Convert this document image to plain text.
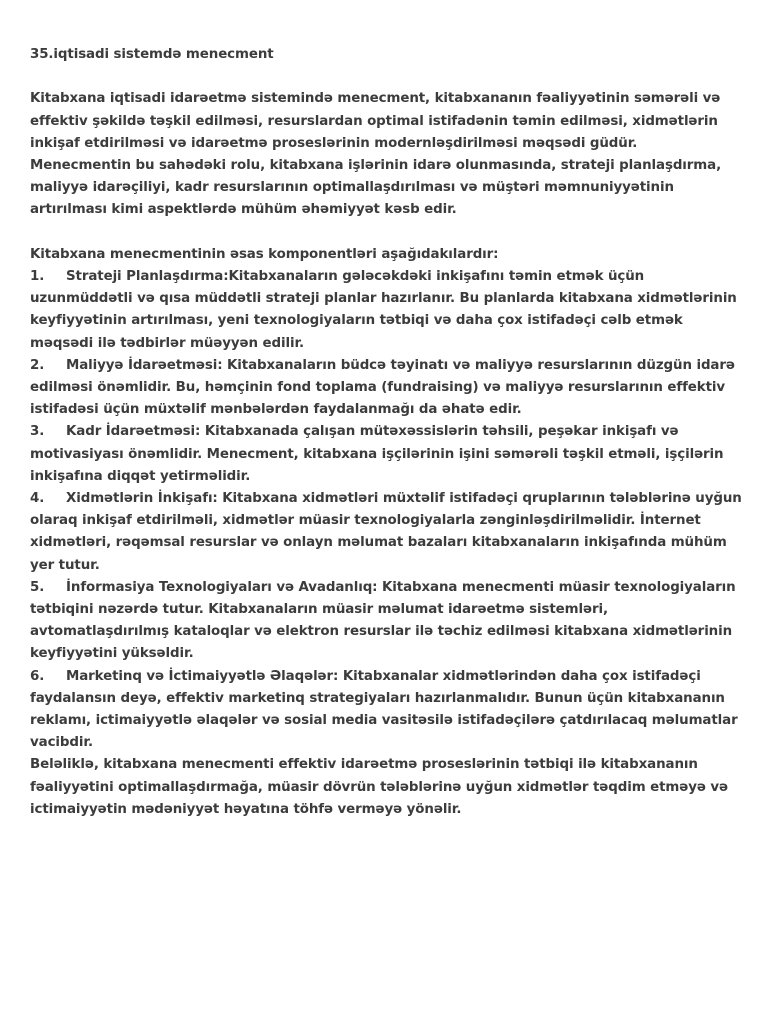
35.iqtisadi sistemdə menecment

Kitabxana iqtisadi idarəetmə sistemində menecment, kitabxananın fəaliyyətinin səmərəli və effektiv şəkildə təşkil edilməsi, resurslardan optimal istifadənin təmin edilməsi, xidmətlərin inkişaf etdirilməsi və idarəetmə proseslərinin modernləşdirilməsi məqsədi güdür. Menecmentin bu sahədəki rolu, kitabxana işlərinin idarə olunmasında, strateji planlaşdırma, maliyyə idarəçiliyi, kadr resurslarının optimallaşdırılması və müştəri məmnuniyyətinin artırılması kimi aspektlərdə mühüm əhəmiyyət kəsb edir.

Kitabxana menecmentinin əsas komponentləri aşağıdakılardır:

1. Strateji Planlaşdırma:Kitabxanaların gələcəkdəki inkişafını təmin etmək üçün uzunmüddətli və qısa müddətli strateji planlar hazırlanır. Bu planlarda kitabxana xidmətlərinin keyfiyyətinin artırılması, yeni texnologiyaların tətbiqi və daha çox istifadəçi cəlb etmək məqsədi ilə tədbirlər müəyyən edilir.

2. Maliyyə İdarəetməsi: Kitabxanaların büdcə təyinatı və maliyyə resurslarının düzgün idarə edilməsi önəmlidir. Bu, həmçinin fond toplama (fundraising) və maliyyə resurslarının effektiv istifadəsi üçün müxtəlif mənbələrdən faydalanmağı da əhatə edir.

3. Kadr İdarəetməsi: Kitabxanada çalışan mütəxəssislərin təhsili, peşəkar inkişafı və motivasiyası önəmlidir. Menecment, kitabxana işçilərinin işini səmərəli təşkil etməli, işçilərin inkişafına diqqət yetirməlidir.

4. Xidmətlərin İnkişafı: Kitabxana xidmətləri müxtəlif istifadəçi qruplarının tələblərinə uyğun olaraq inkişaf etdirilməli, xidmətlər müasir texnologiyalarla zənginləşdirilməlidir. İnternet xidmətləri, rəqəmsal resurslar və onlayn məlumat bazaları kitabxanaların inkişafında mühüm yer tutur.

5. İnformasiya Texnologiyaları və Avadanlıq: Kitabxana menecmenti müasir texnologiyaların tətbiqini nəzərdə tutur. Kitabxanaların müasir məlumat idarəetmə sistemləri, avtomatlaşdırılmış kataloqlar və elektron resurslar ilə təchiz edilməsi kitabxana xidmətlərinin keyfiyyətini yüksəldir.

6. Marketinq və İctimaiyyətlə Əlaqələr: Kitabxanalar xidmətlərindən daha çox istifadəçi faydalansın deyə, effektiv marketinq strategiyaları hazırlanmalıdır. Bunun üçün kitabxananın reklamı, ictimaiyyətlə əlaqələr və sosial media vasitəsilə istifadəçilərə çatdırılacaq məlumatlar vacibdir.

Beləliklə, kitabxana menecmenti effektiv idarəetmə proseslərinin tətbiqi ilə kitabxananın fəaliyyətini optimallaşdırmağa, müasir dövrün tələblərinə uyğun xidmətlər təqdim etməyə və ictimaiyyətin mədəniyyət həyatına töhfə verməyə yönəlir.
